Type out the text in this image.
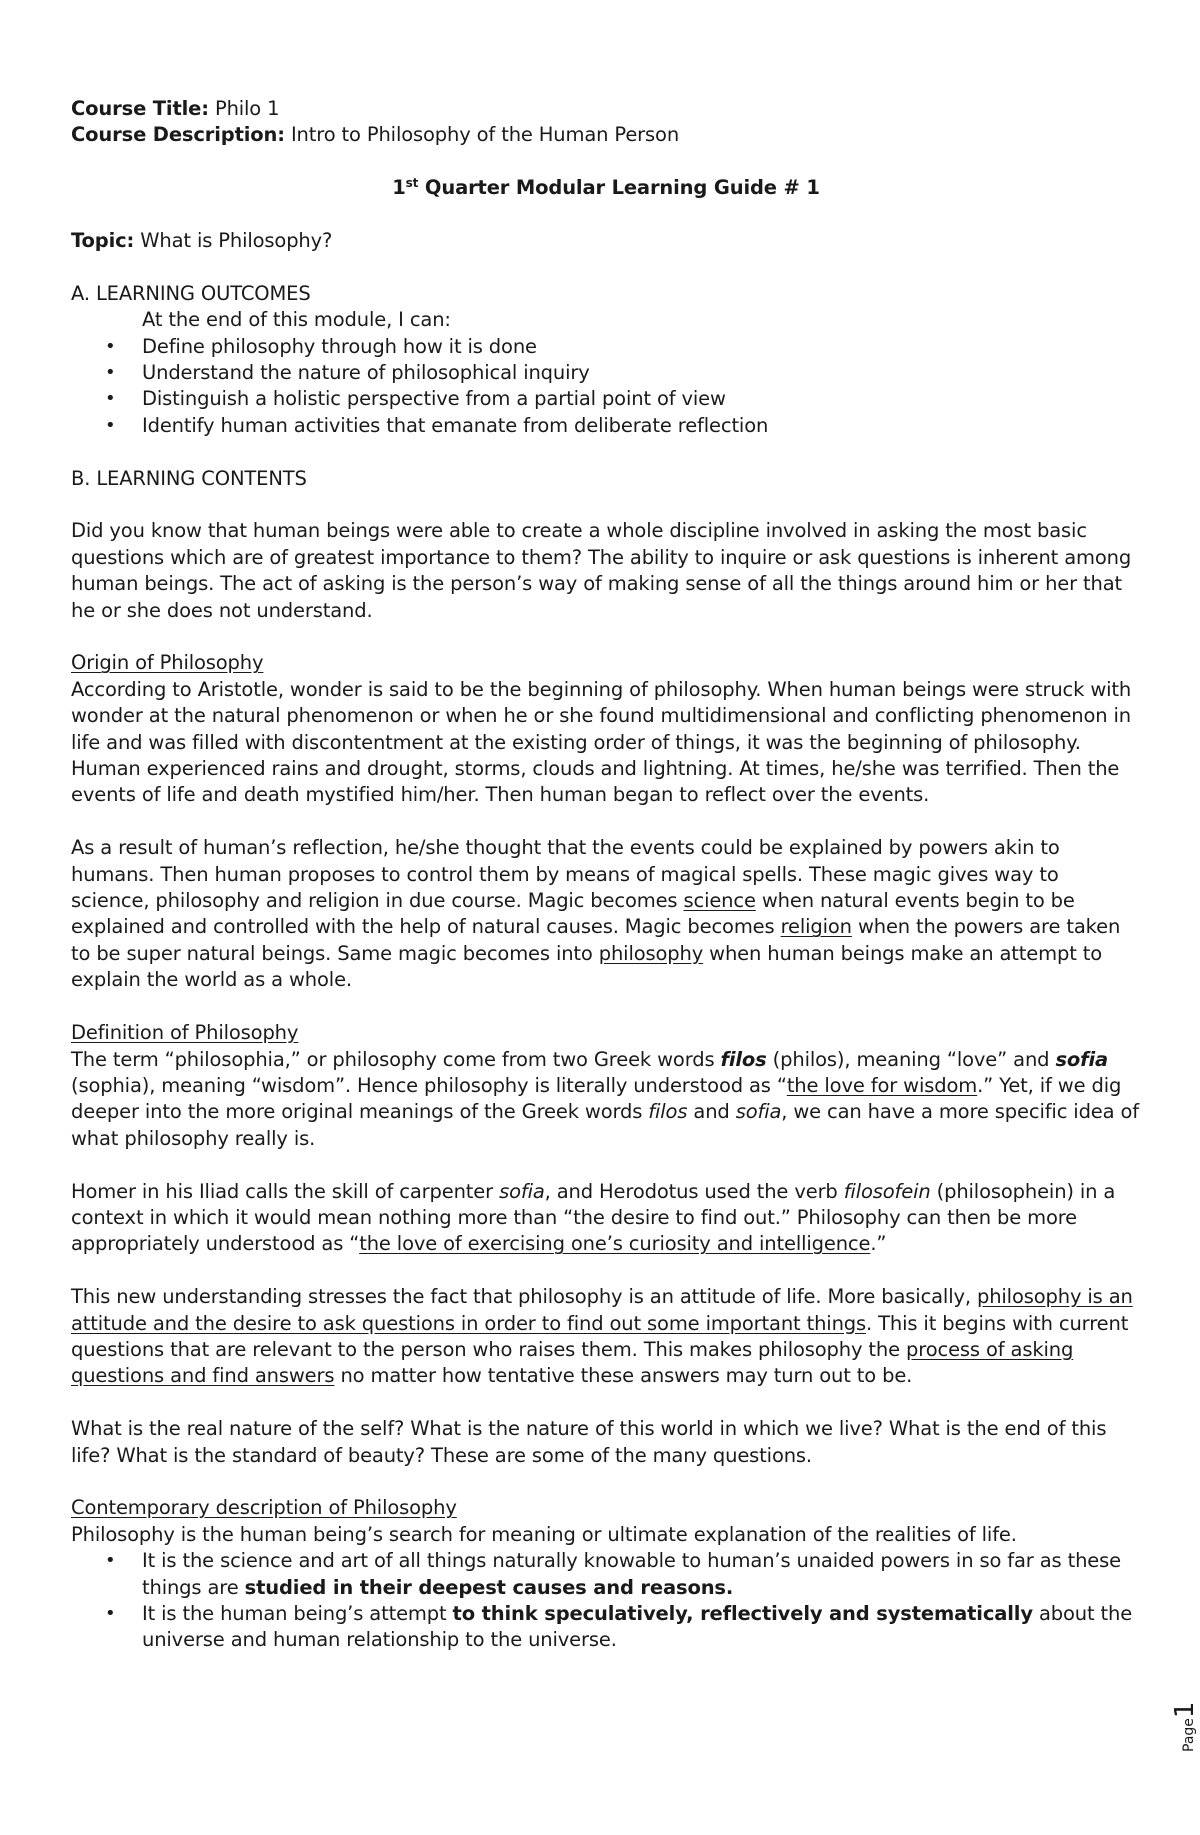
Course Title: Philo 1

Course Description: Intro to Philosophy of the Human Person

1st Quarter Modular Learning Guide # 1

Topic: What is Philosophy?

A. LEARNING OUTCOMES

At the end of this module, I can:

• Define philosophy through how it is done
• Understand the nature of philosophical inquiry
• Distinguish a holistic perspective from a partial point of view
• Identify human activities that emanate from deliberate reflection

B. LEARNING CONTENTS

Did you know that human beings were able to create a whole discipline involved in asking the most basic questions which are of greatest importance to them? The ability to inquire or ask questions is inherent among human beings. The act of asking is the person’s way of making sense of all the things around him or her that he or she does not understand.

Origin of Philosophy

According to Aristotle, wonder is said to be the beginning of philosophy. When human beings were struck with wonder at the natural phenomenon or when he or she found multidimensional and conflicting phenomenon in life and was filled with discontentment at the existing order of things, it was the beginning of philosophy. Human experienced rains and drought, storms, clouds and lightning. At times, he/she was terrified. Then the events of life and death mystified him/her. Then human began to reflect over the events.

As a result of human’s reflection, he/she thought that the events could be explained by powers akin to humans. Then human proposes to control them by means of magical spells. These magic gives way to science, philosophy and religion in due course. Magic becomes science when natural events begin to be explained and controlled with the help of natural causes. Magic becomes religion when the powers are taken to be super natural beings. Same magic becomes into philosophy when human beings make an attempt to explain the world as a whole.

Definition of Philosophy

The term “philosophia,” or philosophy come from two Greek words filos (philos), meaning “love” and sofia (sophia), meaning “wisdom”. Hence philosophy is literally understood as “the love for wisdom.” Yet, if we dig deeper into the more original meanings of the Greek words filos and sofia, we can have a more specific idea of what philosophy really is.

Homer in his Iliad calls the skill of carpenter sofia, and Herodotus used the verb filosofein (philosophein) in a context in which it would mean nothing more than “the desire to find out.” Philosophy can then be more appropriately understood as “the love of exercising one’s curiosity and intelligence.”

This new understanding stresses the fact that philosophy is an attitude of life. More basically, philosophy is an attitude and the desire to ask questions in order to find out some important things. This it begins with current questions that are relevant to the person who raises them. This makes philosophy the process of asking questions and find answers no matter how tentative these answers may turn out to be.

What is the real nature of the self? What is the nature of this world in which we live? What is the end of this life? What is the standard of beauty? These are some of the many questions.

Contemporary description of Philosophy

Philosophy is the human being’s search for meaning or ultimate explanation of the realities of life.

• It is the science and art of all things naturally knowable to human’s unaided powers in so far as these things are studied in their deepest causes and reasons.
• It is the human being’s attempt to think speculatively, reflectively and systematically about the universe and human relationship to the universe.
Page1
